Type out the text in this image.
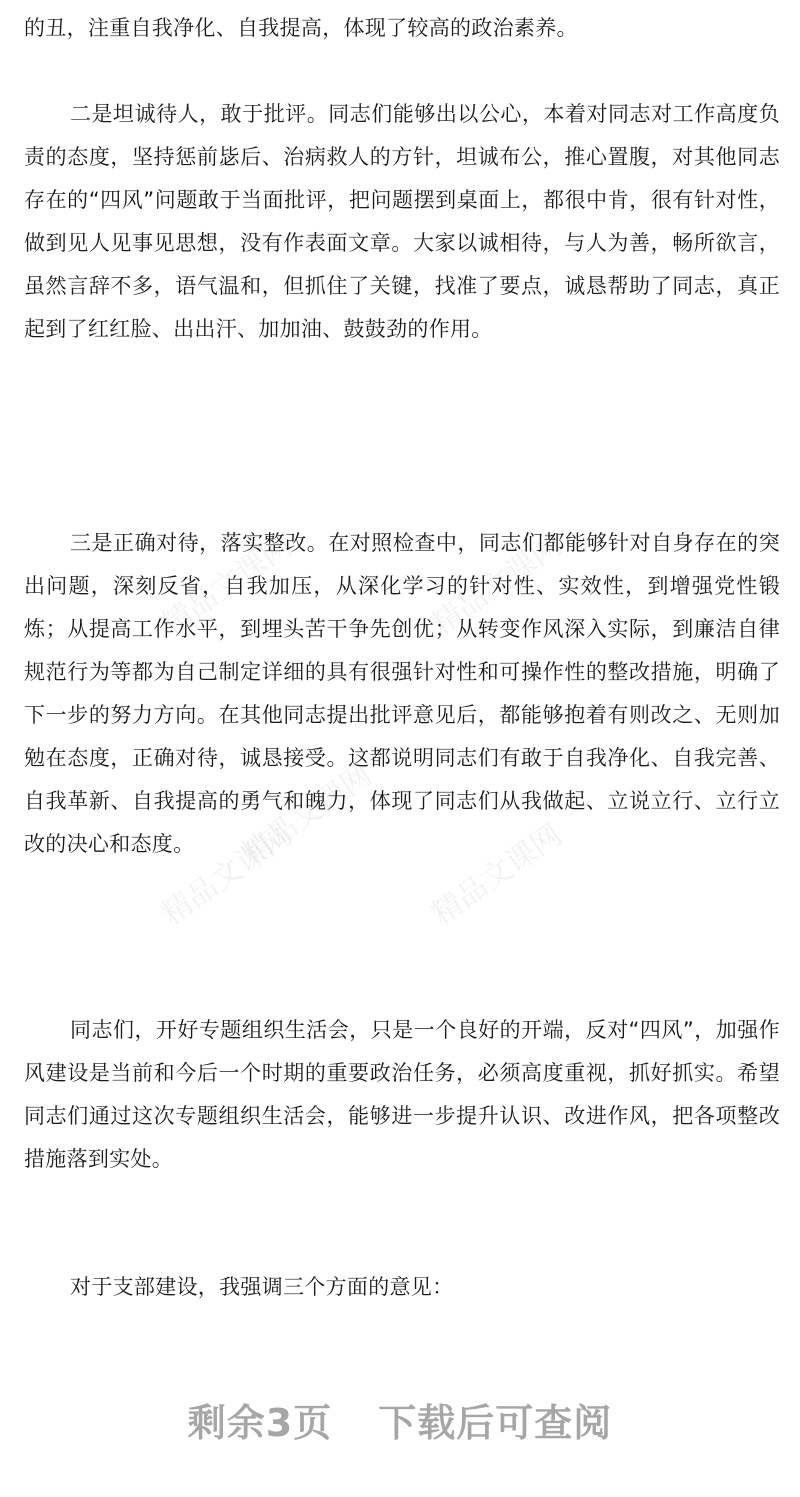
的丑，注重自我净化、自我提高，体现了较高的政治素养。

二是坦诚待人，敢于批评。同志们能够出以公心，本着对同志对工作高度负责的态度，坚持惩前毖后、治病救人的方针，坦诚布公，推心置腹，对其他同志存在的“四风”问题敢于当面批评，把问题摆到桌面上，都很中肯，很有针对性，做到见人见事见思想，没有作表面文章。大家以诚相待，与人为善，畅所欲言，虽然言辞不多，语气温和，但抓住了关键，找准了要点，诚恳帮助了同志，真正起到了红红脸、出出汗、加加油、鼓鼓劲的作用。

三是正确对待，落实整改。在对照检查中，同志们都能够针对自身存在的突出问题，深刻反省，自我加压，从深化学习的针对性、实效性，到增强党性锻炼；从提高工作水平，到埋头苦干争先创优；从转变作风深入实际，到廉洁自律规范行为等都为自己制定详细的具有很强针对性和可操作性的整改措施，明确了下一步的努力方向。在其他同志提出批评意见后，都能够抱着有则改之、无则加勉在态度，正确对待，诚恳接受。这都说明同志们有敢于自我净化、自我完善、自我革新、自我提高的勇气和魄力，体现了同志们从我做起、立说立行、立行立改的决心和态度。

同志们，开好专题组织生活会，只是一个良好的开端，反对“四风”，加强作风建设是当前和今后一个时期的重要政治任务，必须高度重视，抓好抓实。希望同志们通过这次专题组织生活会，能够进一步提升认识、改进作风，把各项整改措施落到实处。

对于支部建设，我强调三个方面的意见：

精品文课网	精品文课网
精品文课网
精品文课网	精品文课网
剩余3页 下载后可查阅
